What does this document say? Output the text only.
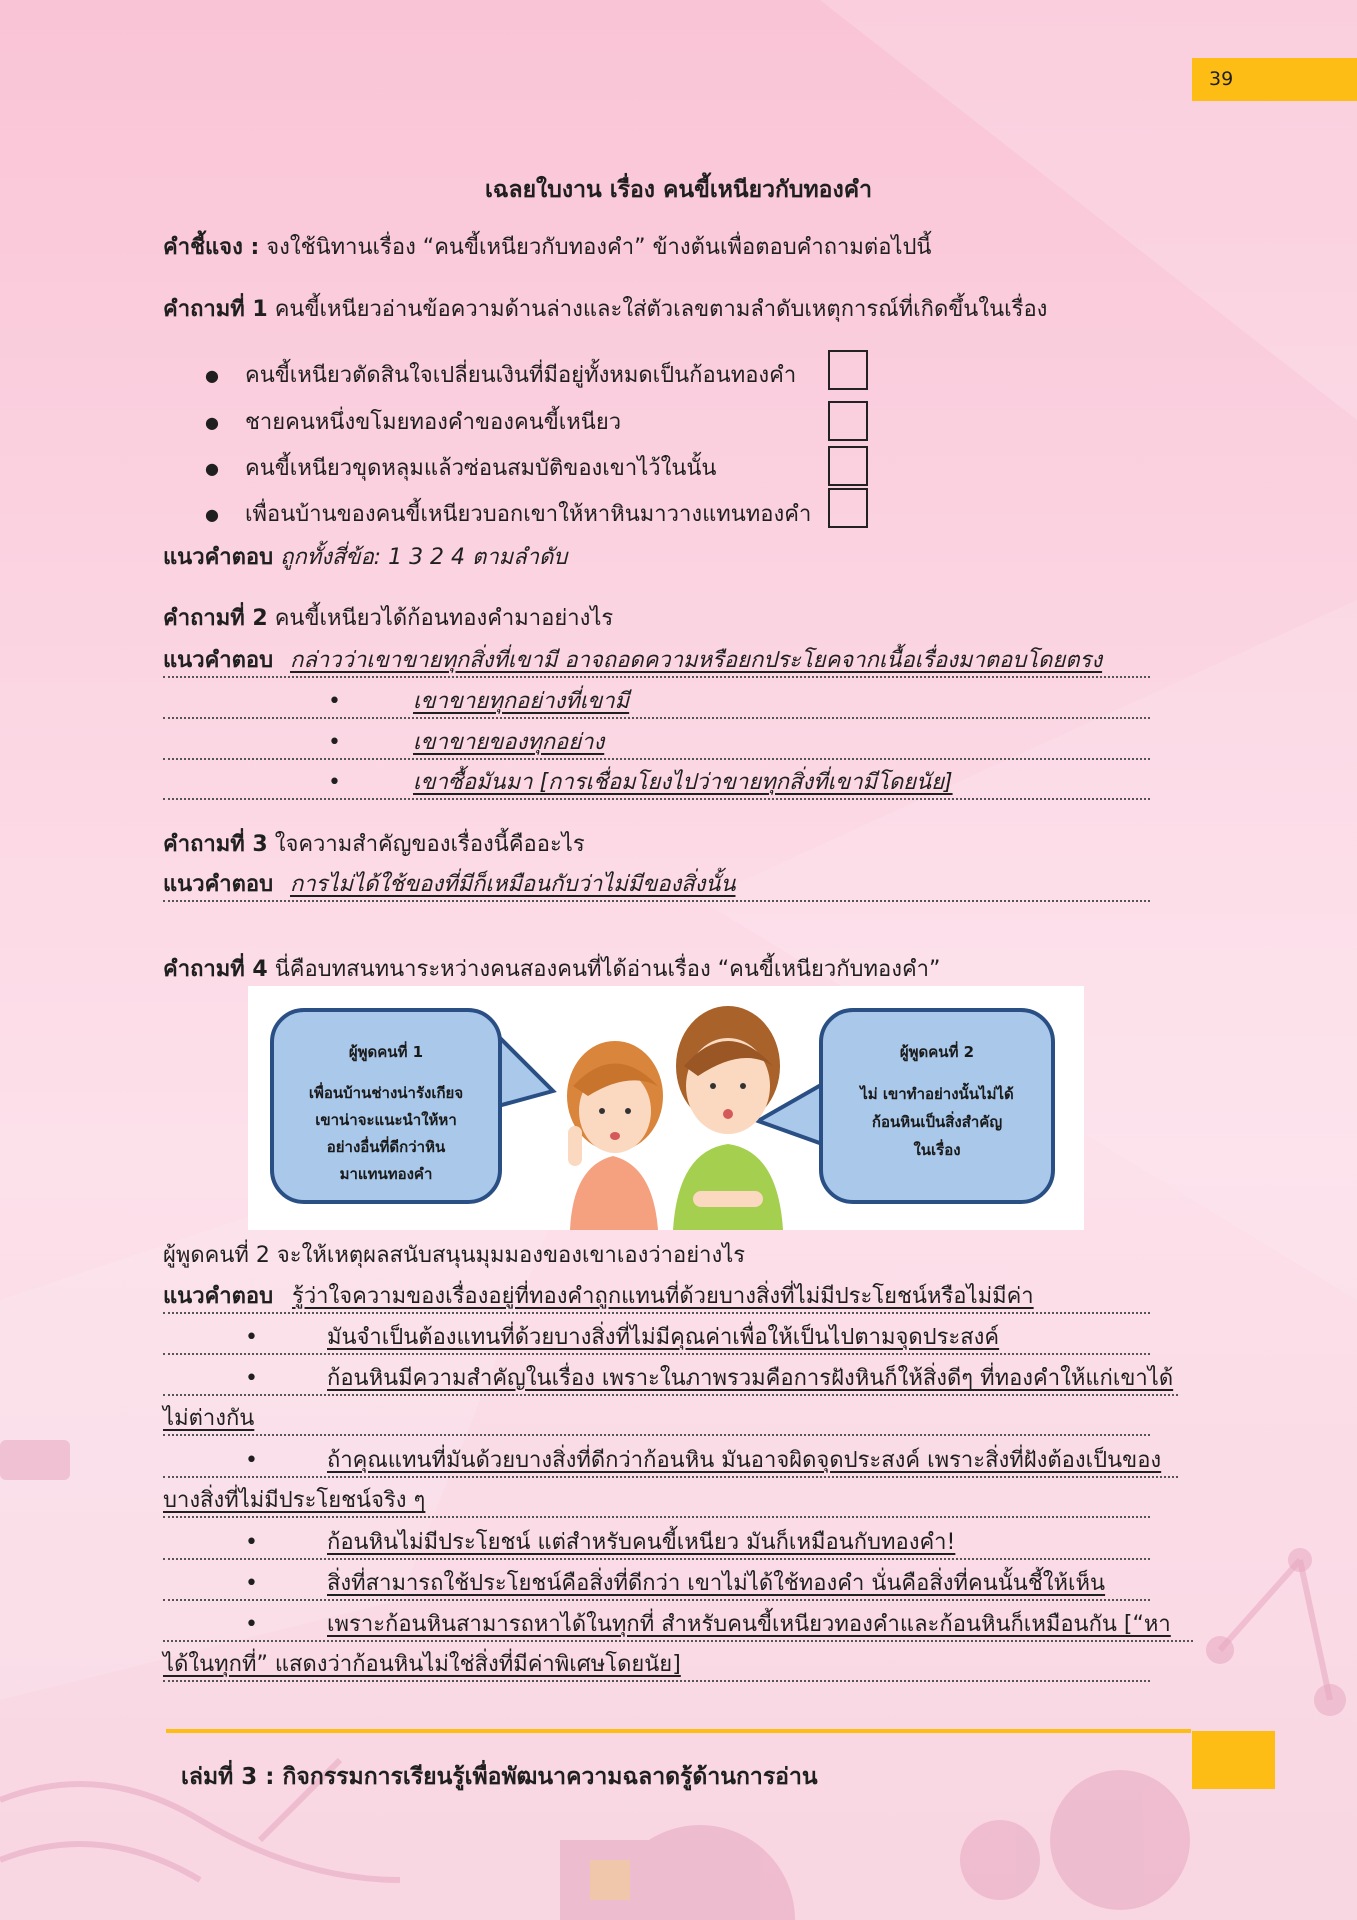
39
เฉลยใบงาน เรื่อง คนขี้เหนียวกับทองคำ
คำชี้แจง : จงใช้นิทานเรื่อง “คนขี้เหนียวกับทองคำ” ข้างต้นเพื่อตอบคำถามต่อไปนี้
คำถามที่ 1 คนขี้เหนียวอ่านข้อความด้านล่างและใส่ตัวเลขตามลำดับเหตุการณ์ที่เกิดขึ้นในเรื่อง
● คนขี้เหนียวตัดสินใจเปลี่ยนเงินที่มีอยู่ทั้งหมดเป็นก้อนทองคำ
● ชายคนหนึ่งขโมยทองคำของคนขี้เหนียว
● คนขี้เหนียวขุดหลุมแล้วซ่อนสมบัติของเขาไว้ในนั้น
● เพื่อนบ้านของคนขี้เหนียวบอกเขาให้หาหินมาวางแทนทองคำ
แนวคำตอบ ถูกทั้งสี่ข้อ: 1 3 2 4 ตามลำดับ
คำถามที่ 2 คนขี้เหนียวได้ก้อนทองคำมาอย่างไร
แนวคำตอบ กล่าวว่าเขาขายทุกสิ่งที่เขามี อาจถอดความหรือยกประโยคจากเนื้อเรื่องมาตอบโดยตรง
•	เขาขายทุกอย่างที่เขามี
•	เขาขายของทุกอย่าง
•	เขาซื้อมันมา [การเชื่อมโยงไปว่าขายทุกสิ่งที่เขามีโดยนัย]
คำถามที่ 3 ใจความสำคัญของเรื่องนี้คืออะไร
แนวคำตอบ การไม่ได้ใช้ของที่มีก็เหมือนกับว่าไม่มีของสิ่งนั้น
คำถามที่ 4 นี่คือบทสนทนาระหว่างคนสองคนที่ได้อ่านเรื่อง “คนขี้เหนียวกับทองคำ”
ผู้พูดคนที่ 1
เพื่อนบ้านช่างน่ารังเกียจ
เขาน่าจะแนะนำให้หา
อย่างอื่นที่ดีกว่าหิน
มาแทนทองคำ
ผู้พูดคนที่ 2
ไม่ เขาทำอย่างนั้นไม่ได้
ก้อนหินเป็นสิ่งสำคัญ
ในเรื่อง
ผู้พูดคนที่ 2 จะให้เหตุผลสนับสนุนมุมมองของเขาเองว่าอย่างไร
แนวคำตอบ รู้ว่าใจความของเรื่องอยู่ที่ทองคำถูกแทนที่ด้วยบางสิ่งที่ไม่มีประโยชน์หรือไม่มีค่า
•	มันจำเป็นต้องแทนที่ด้วยบางสิ่งที่ไม่มีคุณค่าเพื่อให้เป็นไปตามจุดประสงค์
•	ก้อนหินมีความสำคัญในเรื่อง เพราะในภาพรวมคือการฝังหินก็ให้สิ่งดีๆ ที่ทองคำให้แก่เขาได้
ไม่ต่างกัน
•	ถ้าคุณแทนที่มันด้วยบางสิ่งที่ดีกว่าก้อนหิน มันอาจผิดจุดประสงค์ เพราะสิ่งที่ฝังต้องเป็นของ
บางสิ่งที่ไม่มีประโยชน์จริง ๆ
•	ก้อนหินไม่มีประโยชน์ แต่สำหรับคนขี้เหนียว มันก็เหมือนกับทองคำ!
•	สิ่งที่สามารถใช้ประโยชน์คือสิ่งที่ดีกว่า เขาไม่ได้ใช้ทองคำ นั่นคือสิ่งที่คนนั้นชี้ให้เห็น
•	เพราะก้อนหินสามารถหาได้ในทุกที่ สำหรับคนขี้เหนียวทองคำและก้อนหินก็เหมือนกัน [“หา
ได้ในทุกที่” แสดงว่าก้อนหินไม่ใช่สิ่งที่มีค่าพิเศษโดยนัย]
เล่มที่ 3 : กิจกรรมการเรียนรู้เพื่อพัฒนาความฉลาดรู้ด้านการอ่าน
